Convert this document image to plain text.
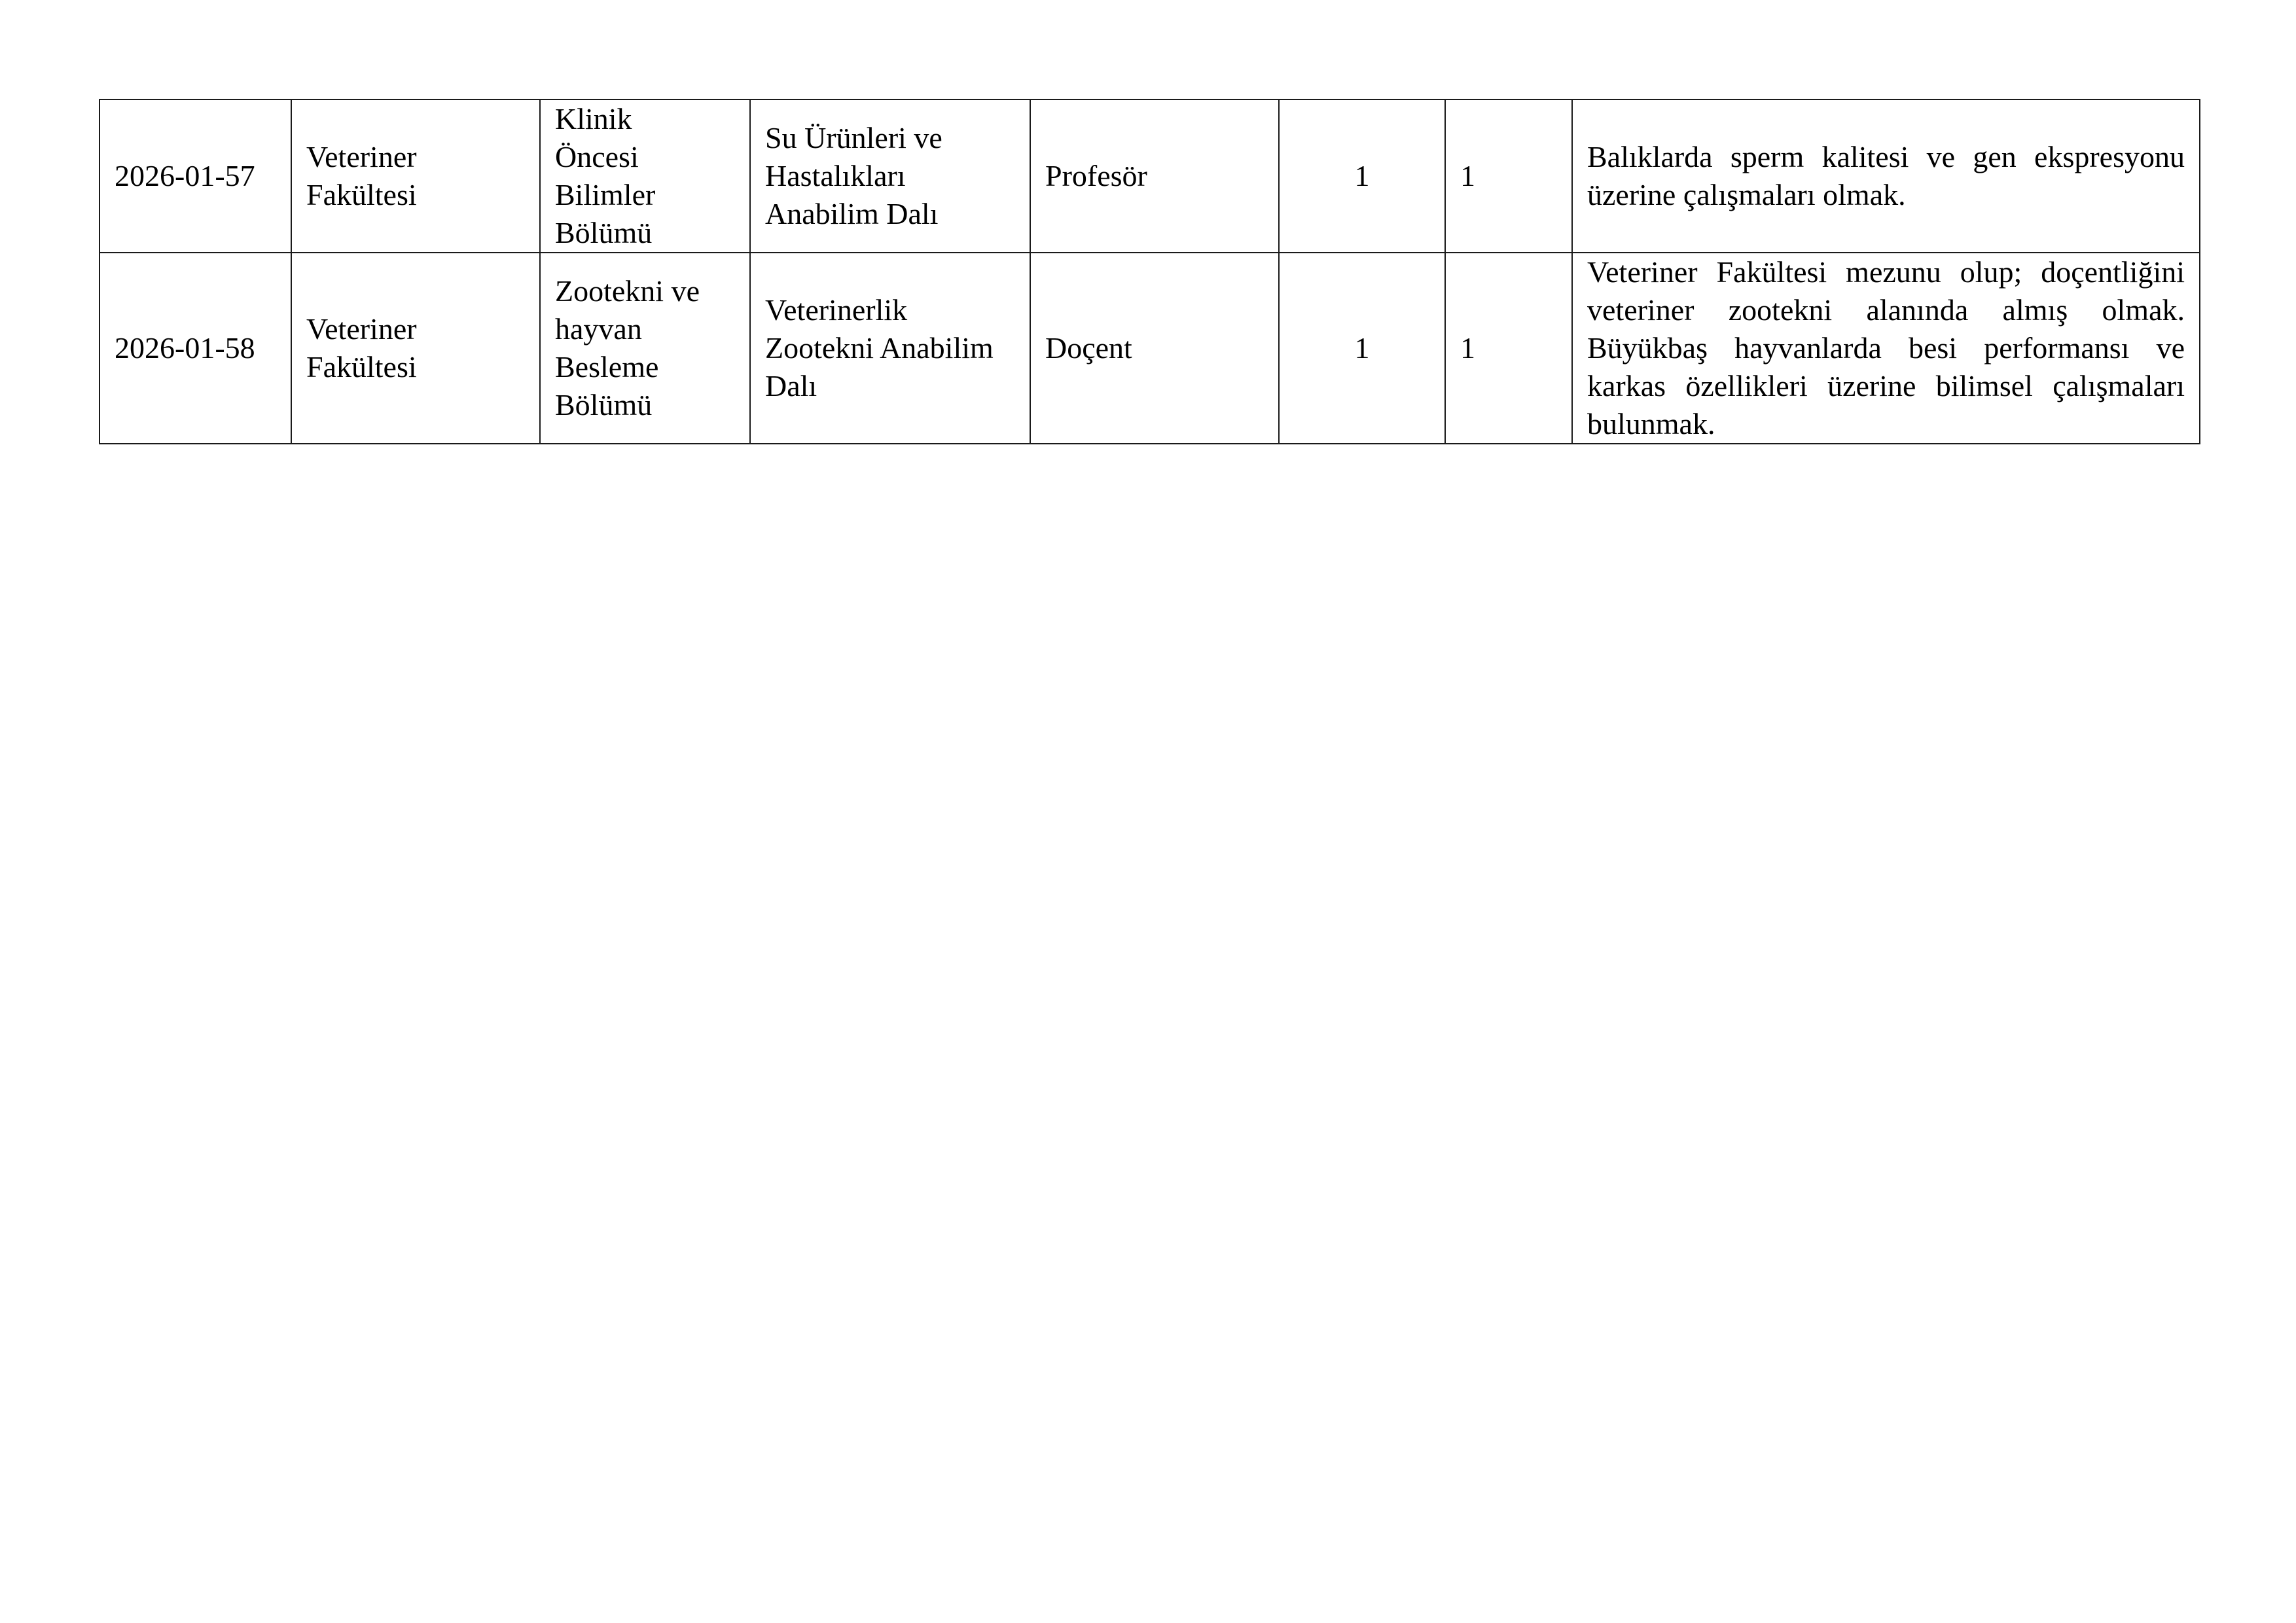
2026-01-57	Veteriner
Fakültesi	Klinik
Öncesi
Bilimler
Bölümü	Su Ürünleri ve
Hastalıkları
Anabilim Dalı	Profesör	1	1	Balıklarda sperm kalitesi ve gen ekspresyonu üzerine çalışmaları olmak.
2026-01-58	Veteriner
Fakültesi	Zootekni ve
hayvan
Besleme
Bölümü	Veterinerlik
Zootekni Anabilim
Dalı	Doçent	1	1	Veteriner Fakültesi mezunu olup; doçentliğini veteriner zootekni alanında almış olmak. Büyükbaş hayvanlarda besi performansı ve karkas özellikleri üzerine bilimsel çalışmaları bulunmak.
